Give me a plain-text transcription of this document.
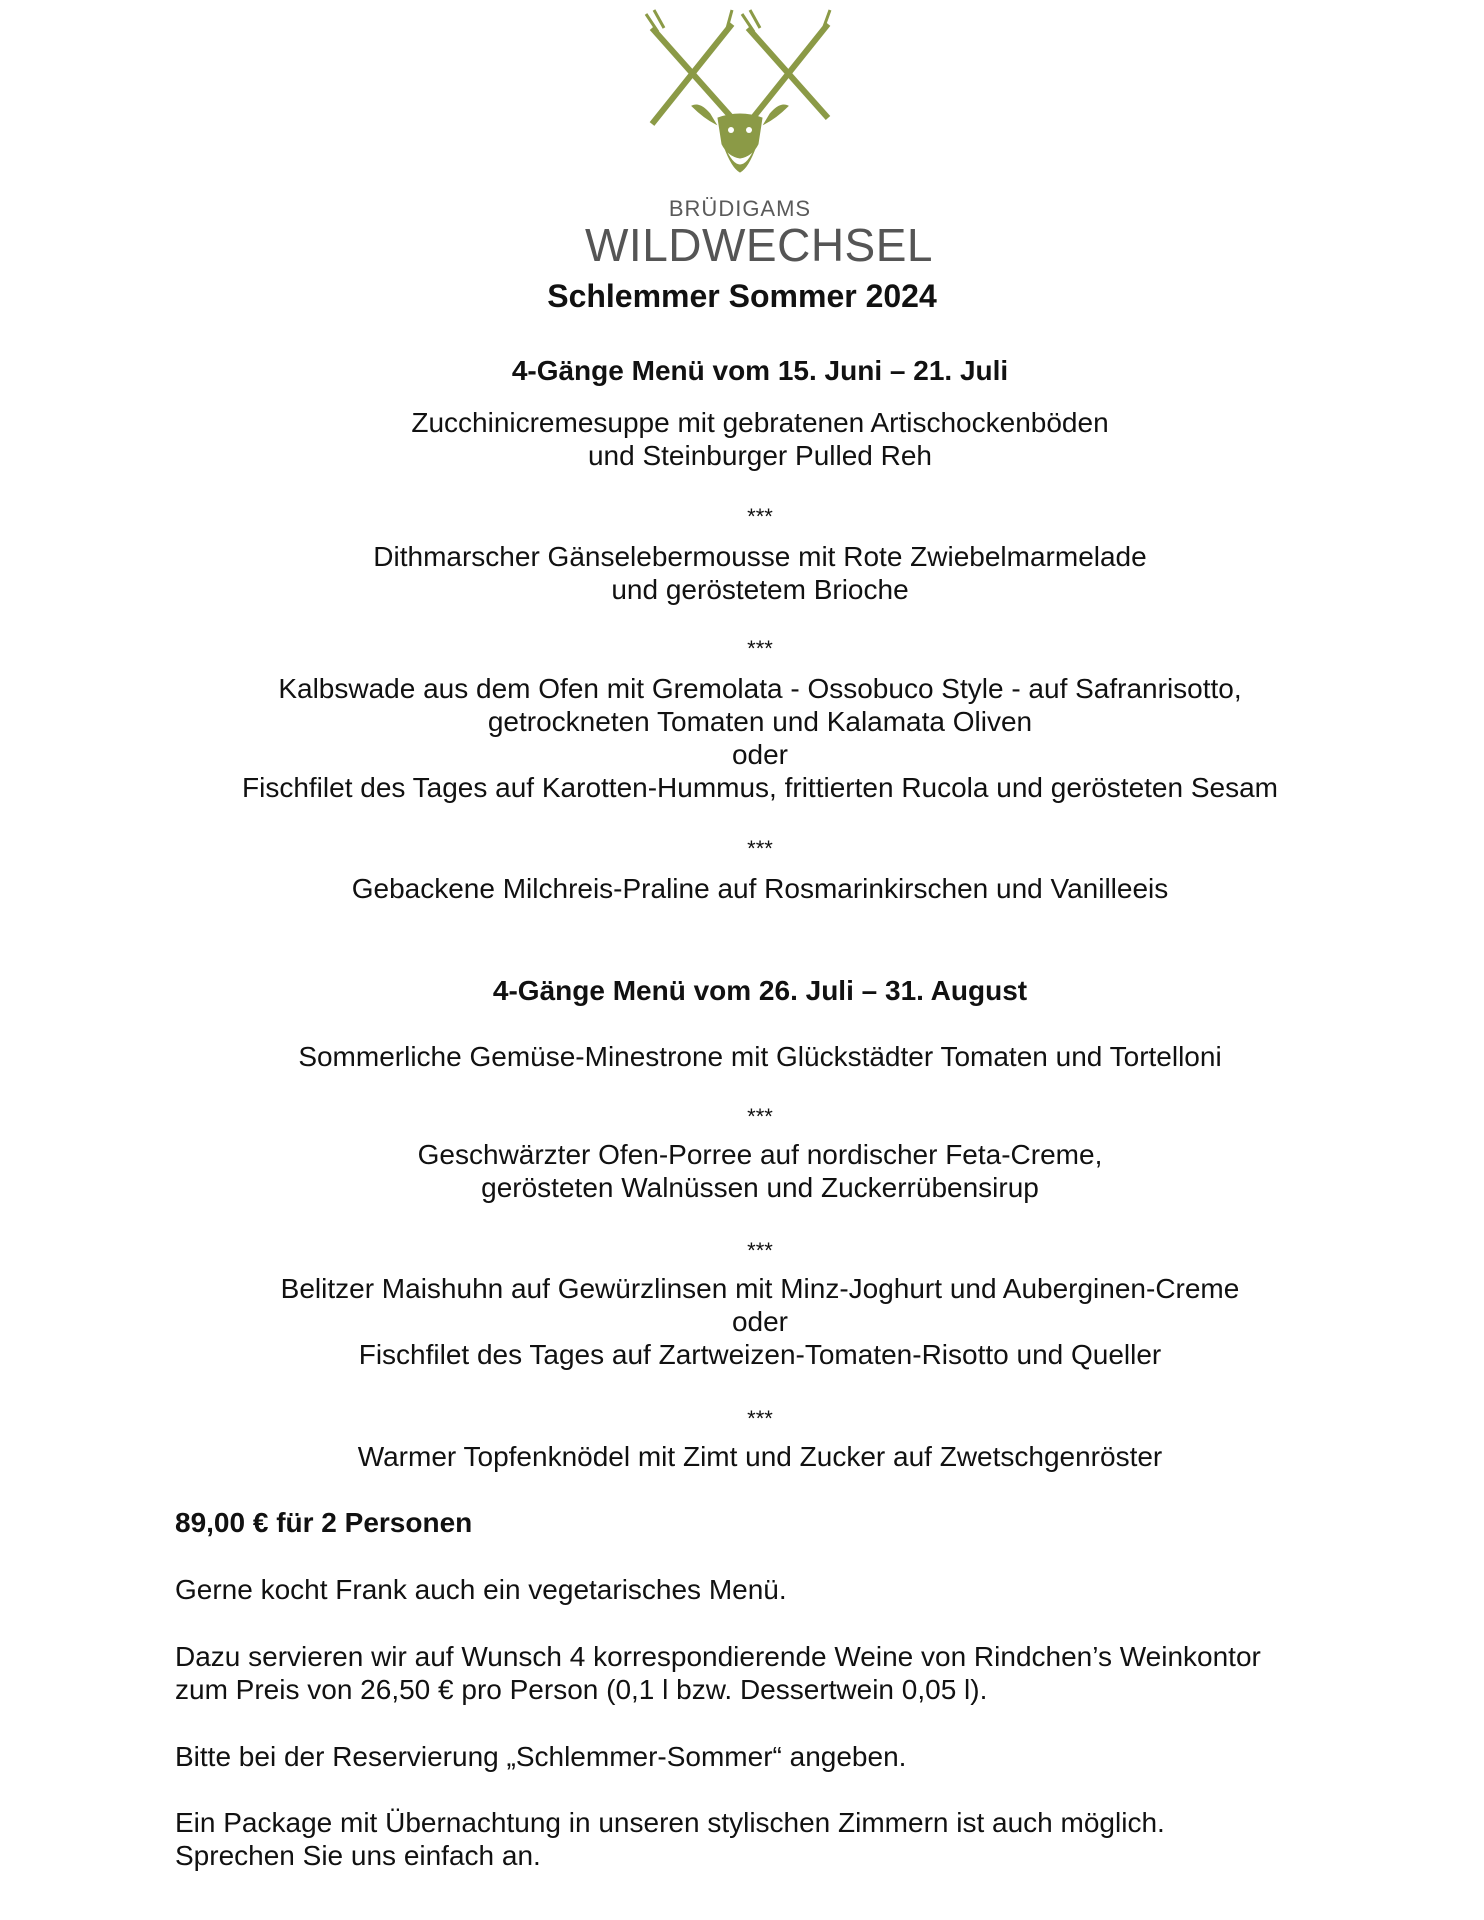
BRÜDIGAMS
WILDWECHSEL
Schlemmer Sommer 2024
4-Gänge Menü vom 15. Juni – 21. Juli

Zucchinicremesuppe mit gebratenen Artischockenböden

und Steinburger Pulled Reh

***

Dithmarscher Gänselebermousse mit Rote Zwiebelmarmelade

und geröstetem Brioche

***

Kalbswade aus dem Ofen mit Gremolata - Ossobuco Style - auf Safranrisotto,

getrockneten Tomaten und Kalamata Oliven

oder

Fischfilet des Tages auf Karotten-Hummus, frittierten Rucola und gerösteten Sesam

***

Gebackene Milchreis-Praline auf Rosmarinkirschen und Vanilleeis

4-Gänge Menü vom 26. Juli – 31. August

Sommerliche Gemüse-Minestrone mit Glückstädter Tomaten und Tortelloni

***

Geschwärzter Ofen-Porree auf nordischer Feta-Creme,

gerösteten Walnüssen und Zuckerrübensirup

***

Belitzer Maishuhn auf Gewürzlinsen mit Minz-Joghurt und Auberginen-Creme

oder

Fischfilet des Tages auf Zartweizen-Tomaten-Risotto und Queller

***

Warmer Topfenknödel mit Zimt und Zucker auf Zwetschgenröster

89,00 € für 2 Personen
Gerne kocht Frank auch ein vegetarisches Menü.

Dazu servieren wir auf Wunsch 4 korrespondierende Weine von Rindchen’s Weinkontor

zum Preis von 26,50 € pro Person (0,1 l bzw. Dessertwein 0,05 l).

Bitte bei der Reservierung „Schlemmer-Sommer“ angeben.

Ein Package mit Übernachtung in unseren stylischen Zimmern ist auch möglich.

Sprechen Sie uns einfach an.
